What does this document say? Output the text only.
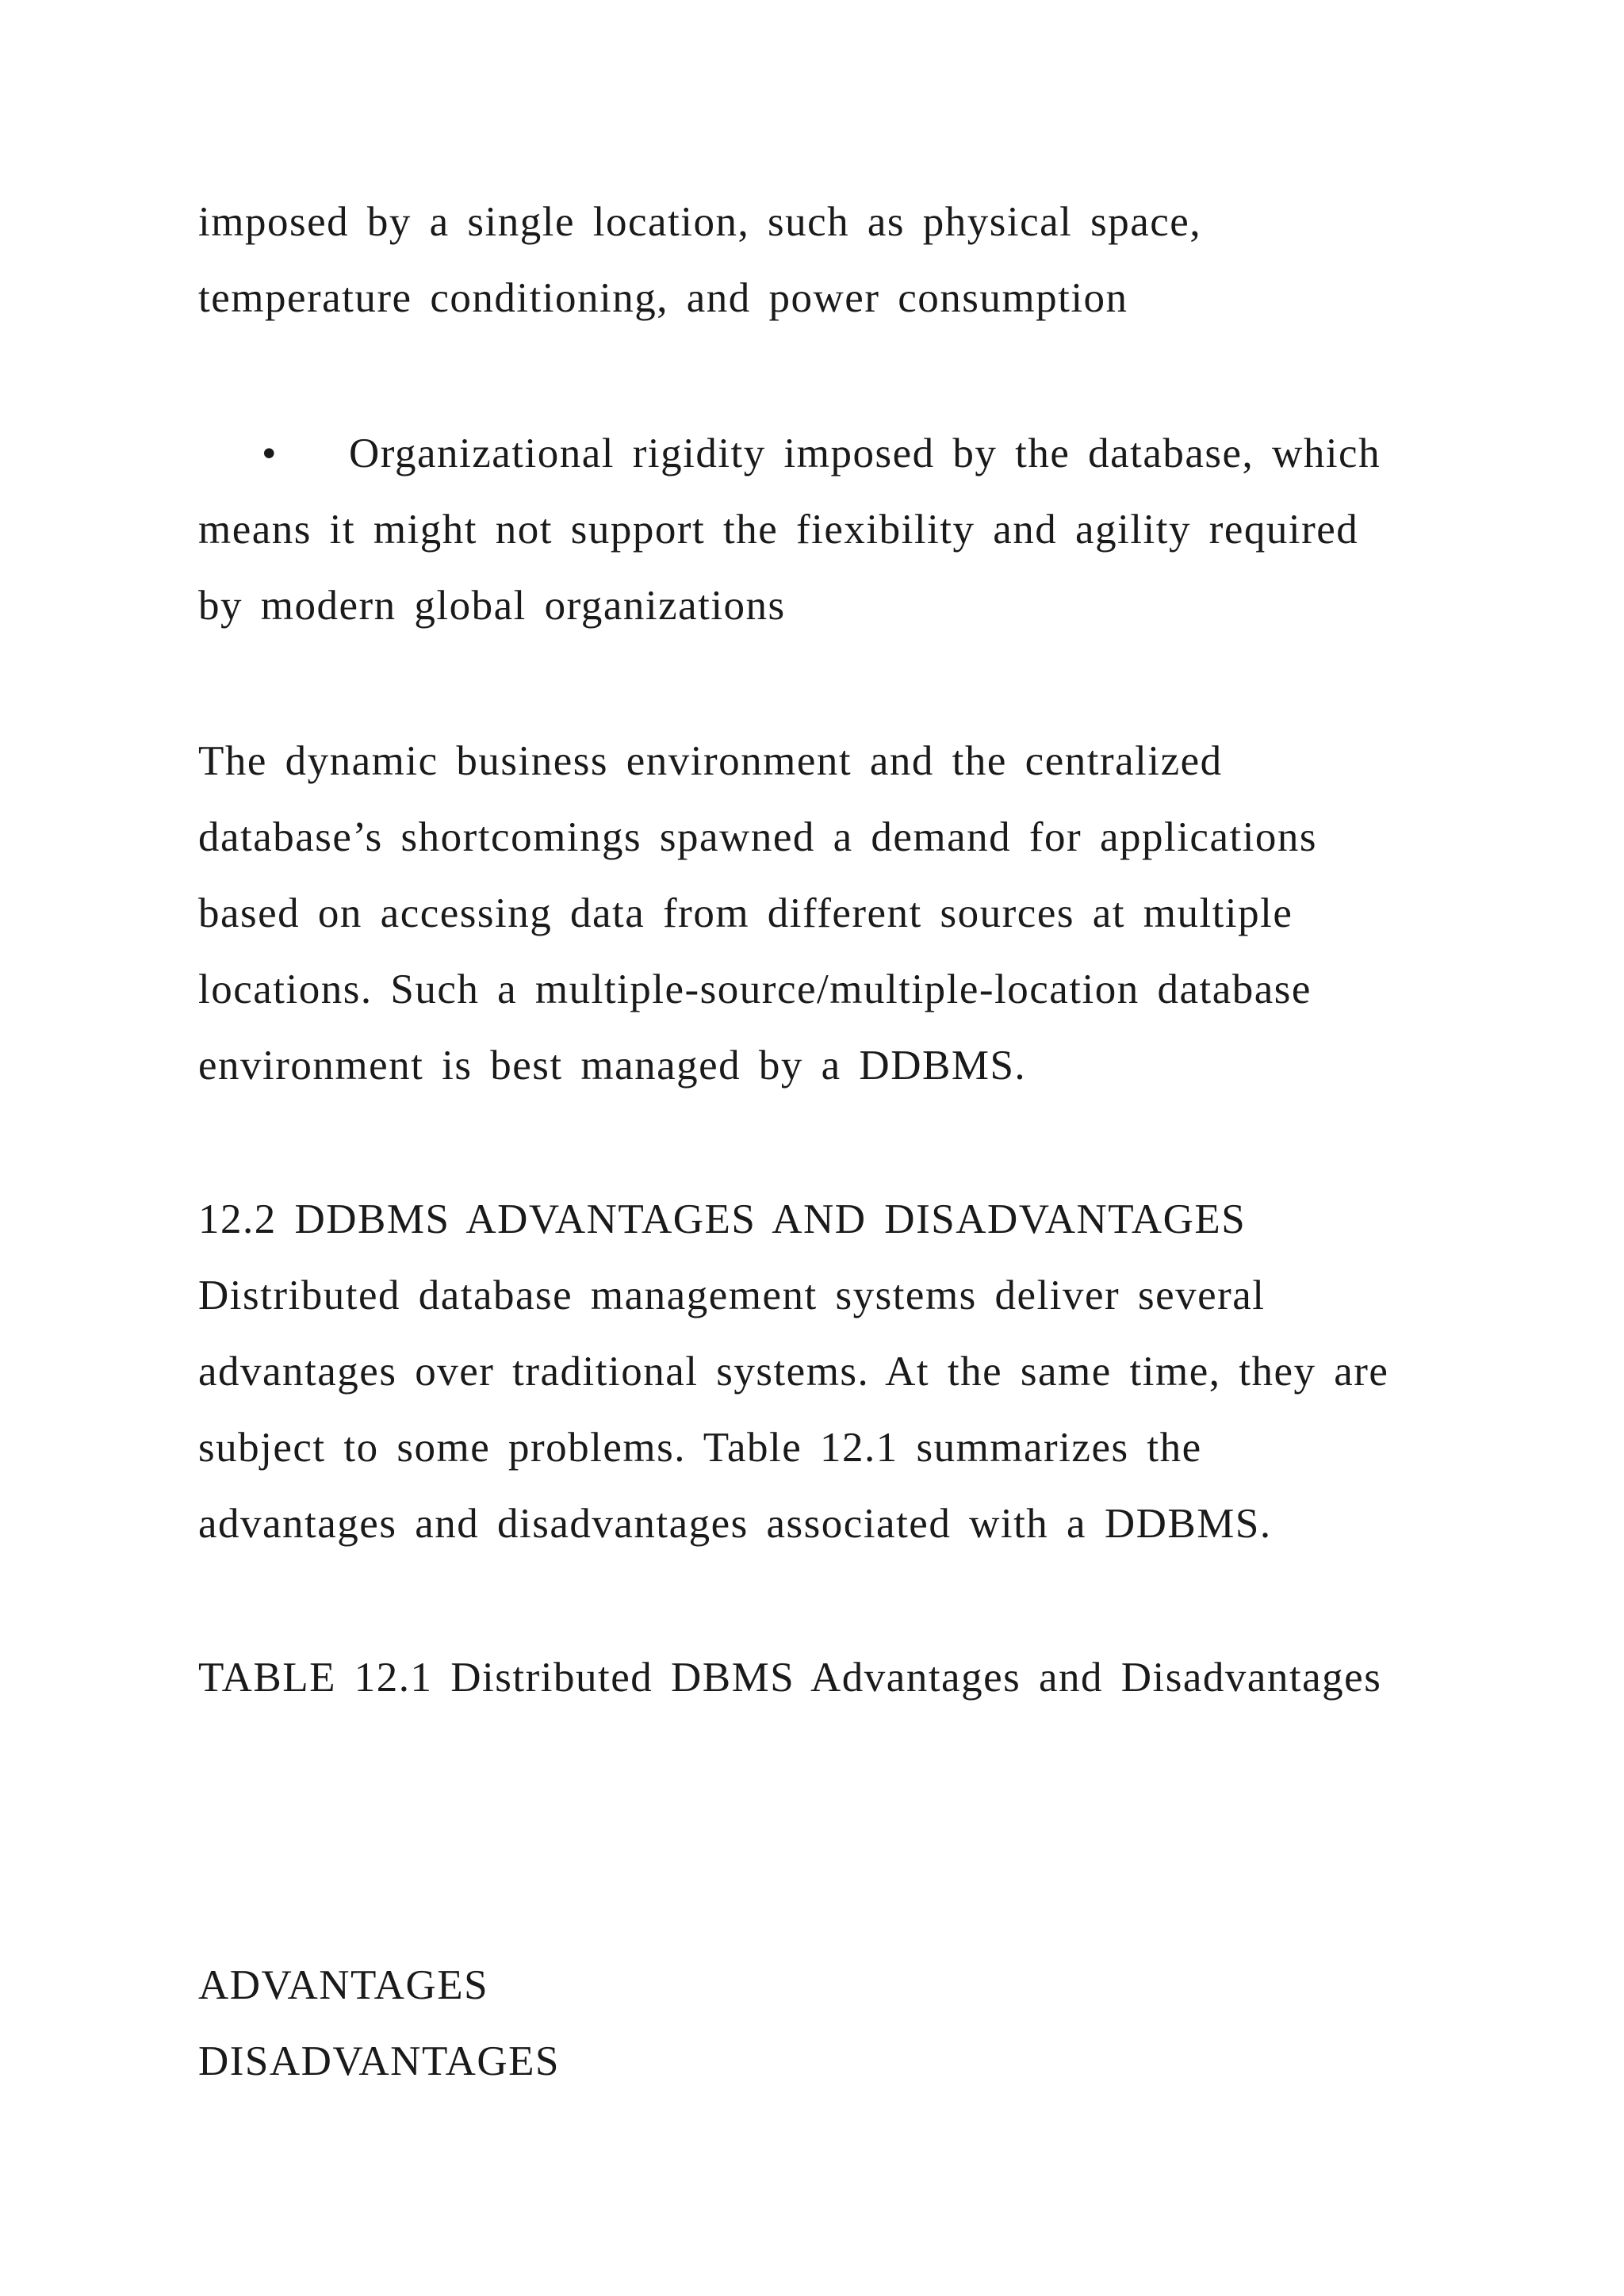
imposed by a single location, such as physical space,
temperature conditioning, and power consumption
• Organizational rigidity imposed by the database, which
means it might not support the fiexibility and agility required
by modern global organizations
The dynamic business environment and the centralized
database’s shortcomings spawned a demand for applications
based on accessing data from different sources at multiple
locations. Such a multiple-source/multiple-location database
environment is best managed by a DDBMS.
12.2 DDBMS ADVANTAGES AND DISADVANTAGES
Distributed database management systems deliver several
advantages over traditional systems. At the same time, they are
subject to some problems. Table 12.1 summarizes the
advantages and disadvantages associated with a DDBMS.
TABLE 12.1 Distributed DBMS Advantages and Disadvantages
ADVANTAGES
DISADVANTAGES
